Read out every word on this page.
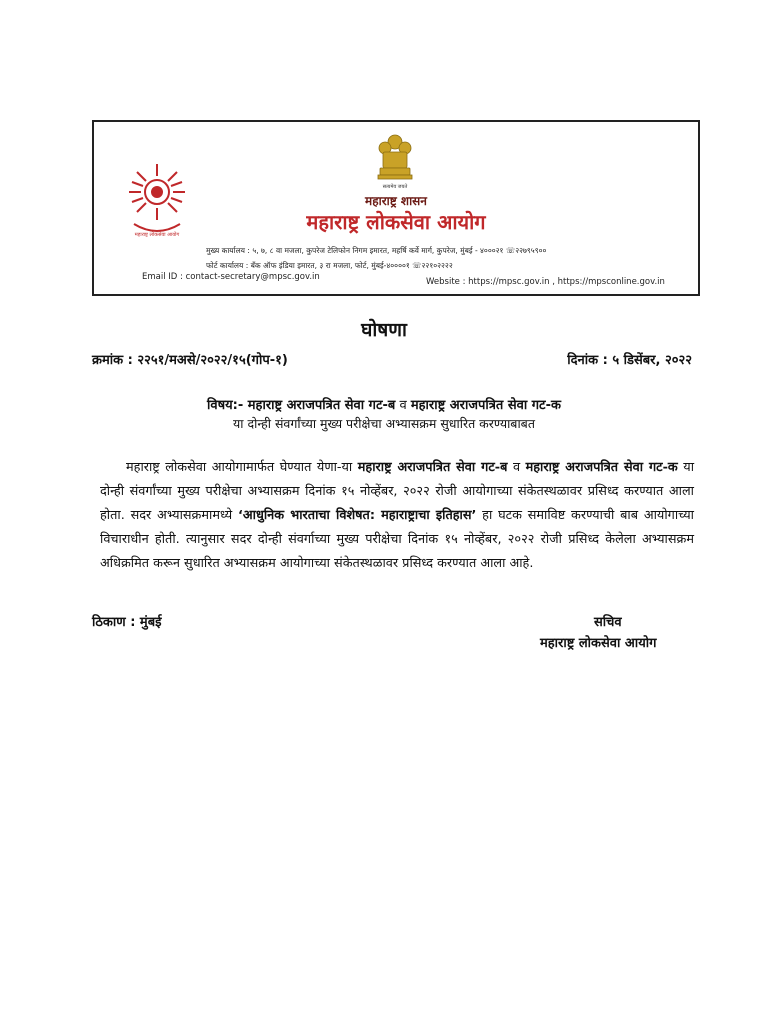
महाराष्ट्र लोकसेवा आयोग
सत्यमेव जयते
महाराष्ट्र शासन
महाराष्ट्र लोकसेवा आयोग
मुख्य कार्यालय : ५, ७, ८ वा मजला, कुपरेज टेलिफोन निगम इमारत, महर्षि कर्वे मार्ग, कुपरेज, मुंबई - ४०००२१ ☏२२७९५९००
फोर्ट कार्यालय : बँक ऑफ इंडिया इमारत, ३ रा मजला, फोर्ट, मुंबई-४००००१ ☏२२१०२२२२
Email ID : contact-secretary@mpsc.gov.in	Website : https://mpsc.gov.in , https://mpsconline.gov.in
घोषणा
क्रमांक : २२५१/मअसे/२०२२/१५(गोप-१)	दिनांक : ५ डिसेंबर, २०२२
विषय:- महाराष्ट्र अराजपत्रित सेवा गट-ब व महाराष्ट्र अराजपत्रित सेवा गट-क
या दोन्ही संवर्गांच्या मुख्य परीक्षेचा अभ्यासक्रम सुधारित करण्याबाबत
महाराष्ट्र लोकसेवा आयोगामार्फत घेण्यात येणा-या महाराष्ट्र अराजपत्रित सेवा गट-ब व महाराष्ट्र अराजपत्रित सेवा गट-क या दोन्ही संवर्गांच्या मुख्य परीक्षेचा अभ्यासक्रम दिनांक १५ नोव्हेंबर, २०२२ रोजी आयोगाच्या संकेतस्थळावर प्रसिध्द करण्यात आला होता. सदर अभ्यासक्रमामध्ये ‘आधुनिक भारताचा विशेषत: महाराष्ट्राचा इतिहास’ हा घटक समाविष्ट करण्याची बाब आयोगाच्या विचाराधीन होती. त्यानुसार सदर दोन्ही संवर्गाच्या मुख्य परीक्षेचा दिनांक १५ नोव्हेंबर, २०२२ रोजी प्रसिध्द केलेला अभ्यासक्रम अधिक्रमित करून सुधारित अभ्यासक्रम आयोगाच्या संकेतस्थळावर प्रसिध्द करण्यात आला आहे.
ठिकाण : मुंबई	सचिव
महाराष्ट्र लोकसेवा आयोग
